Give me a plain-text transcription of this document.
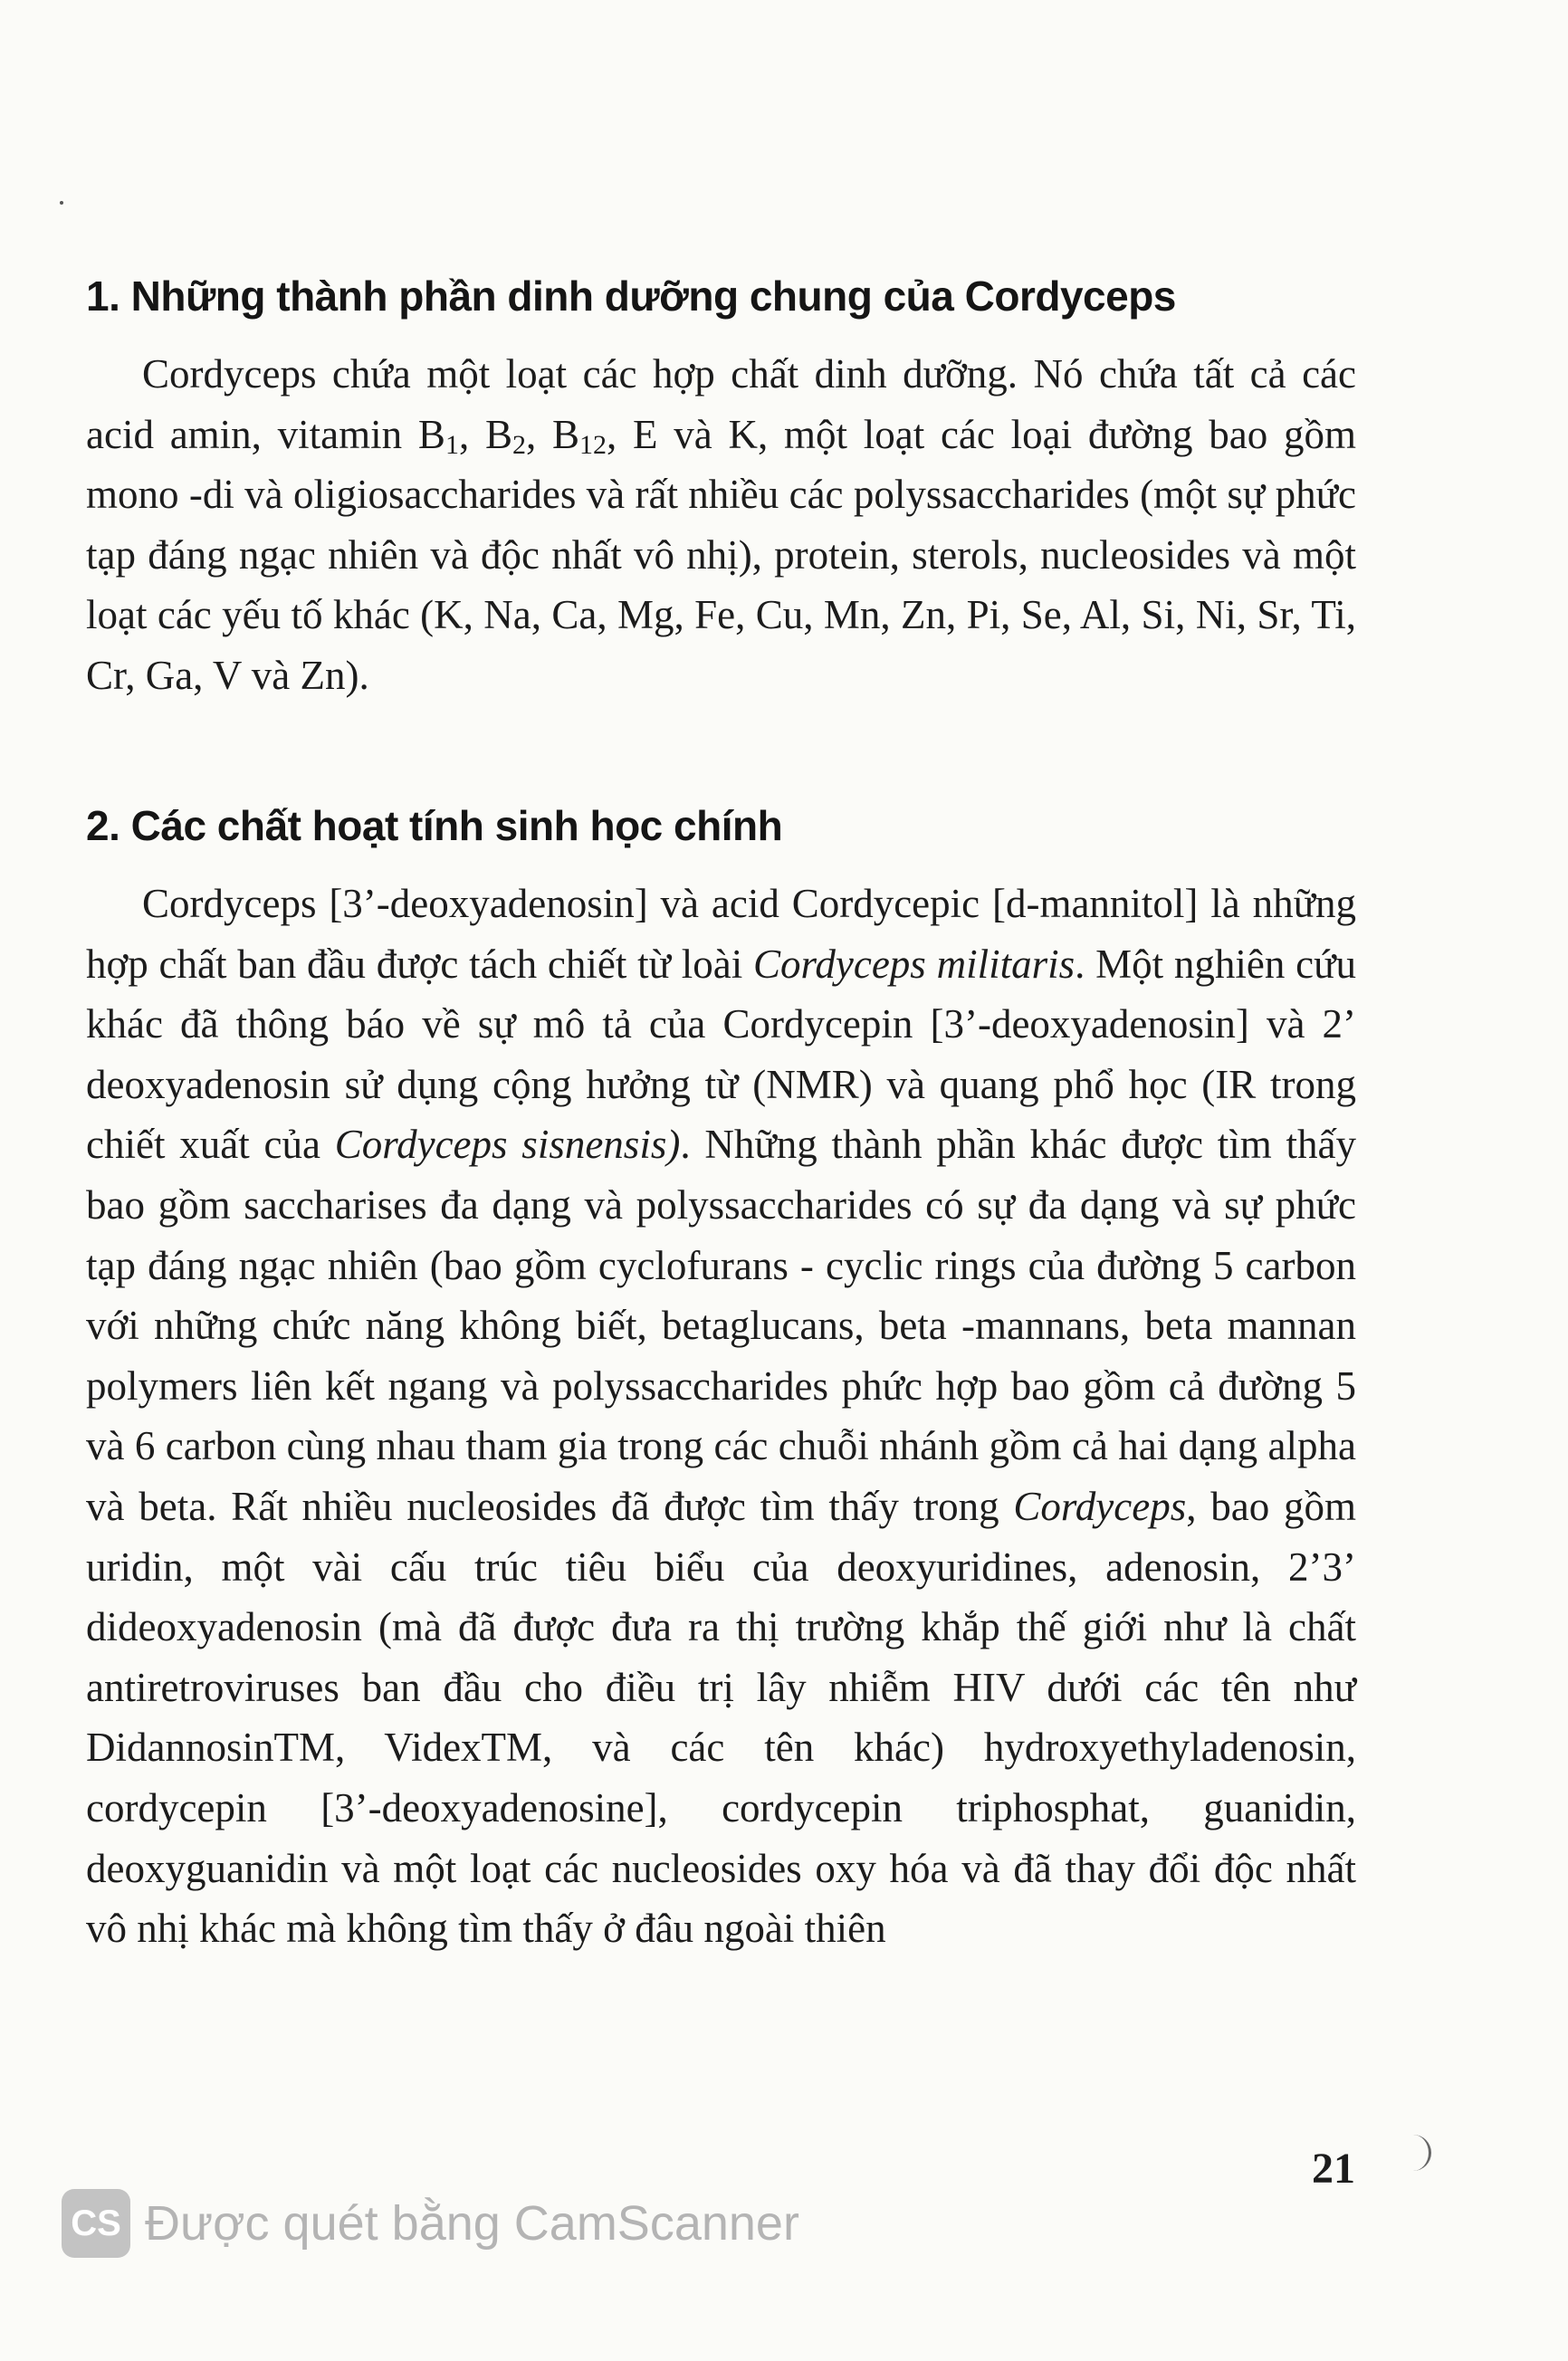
1. Những thành phần dinh dưỡng chung của Cordyceps

Cordyceps chứa một loạt các hợp chất dinh dưỡng. Nó chứa tất cả các acid amin, vitamin $B_1$, $B_2$, $B_{12}$, E và K, một loạt các loại đường bao gồm mono -di và oligiosaccharides và rất nhiều các polyssaccharides (một sự phức tạp đáng ngạc nhiên và độc nhất vô nhị), protein, sterols, nucleosides và một loạt các yếu tố khác (K, Na, Ca, Mg, Fe, Cu, Mn, Zn, Pi, Se, Al, Si, Ni, Sr, Ti, Cr, Ga, V và Zn).

2. Các chất hoạt tính sinh học chính

Cordyceps [3’-deoxyadenosin] và acid Cordycepic [d-mannitol] là những hợp chất ban đầu được tách chiết từ loài Cordyceps militaris. Một nghiên cứu khác đã thông báo về sự mô tả của Cordycepin [3’-deoxyadenosin] và 2’ deoxyadenosin sử dụng cộng hưởng từ (NMR) và quang phổ học (IR trong chiết xuất của Cordyceps sisnensis). Những thành phần khác được tìm thấy bao gồm saccharises đa dạng và polyssaccharides có sự đa dạng và sự phức tạp đáng ngạc nhiên (bao gồm cyclofurans - cyclic rings của đường 5 carbon với những chức năng không biết, betaglucans, beta -mannans, beta mannan polymers liên kết ngang và polyssaccharides phức hợp bao gồm cả đường 5 và 6 carbon cùng nhau tham gia trong các chuỗi nhánh gồm cả hai dạng alpha và beta. Rất nhiều nucleosides đã được tìm thấy trong Cordyceps, bao gồm uridin, một vài cấu trúc tiêu biểu của deoxyuridines, adenosin, 2’3’ dideoxyadenosin (mà đã được đưa ra thị trường khắp thế giới như là chất antiretroviruses ban đầu cho điều trị lây nhiễm HIV dưới các tên như DidannosinTM, VidexTM, và các tên khác) hydroxyethyladenosin, cordycepin [3’-deoxyadenosine], cordycepin triphosphat, guanidin, deoxyguanidin và một loạt các nucleosides oxy hóa và đã thay đổi độc nhất vô nhị khác mà không tìm thấy ở đâu ngoài thiên

21
CS Được quét bằng CamScanner
